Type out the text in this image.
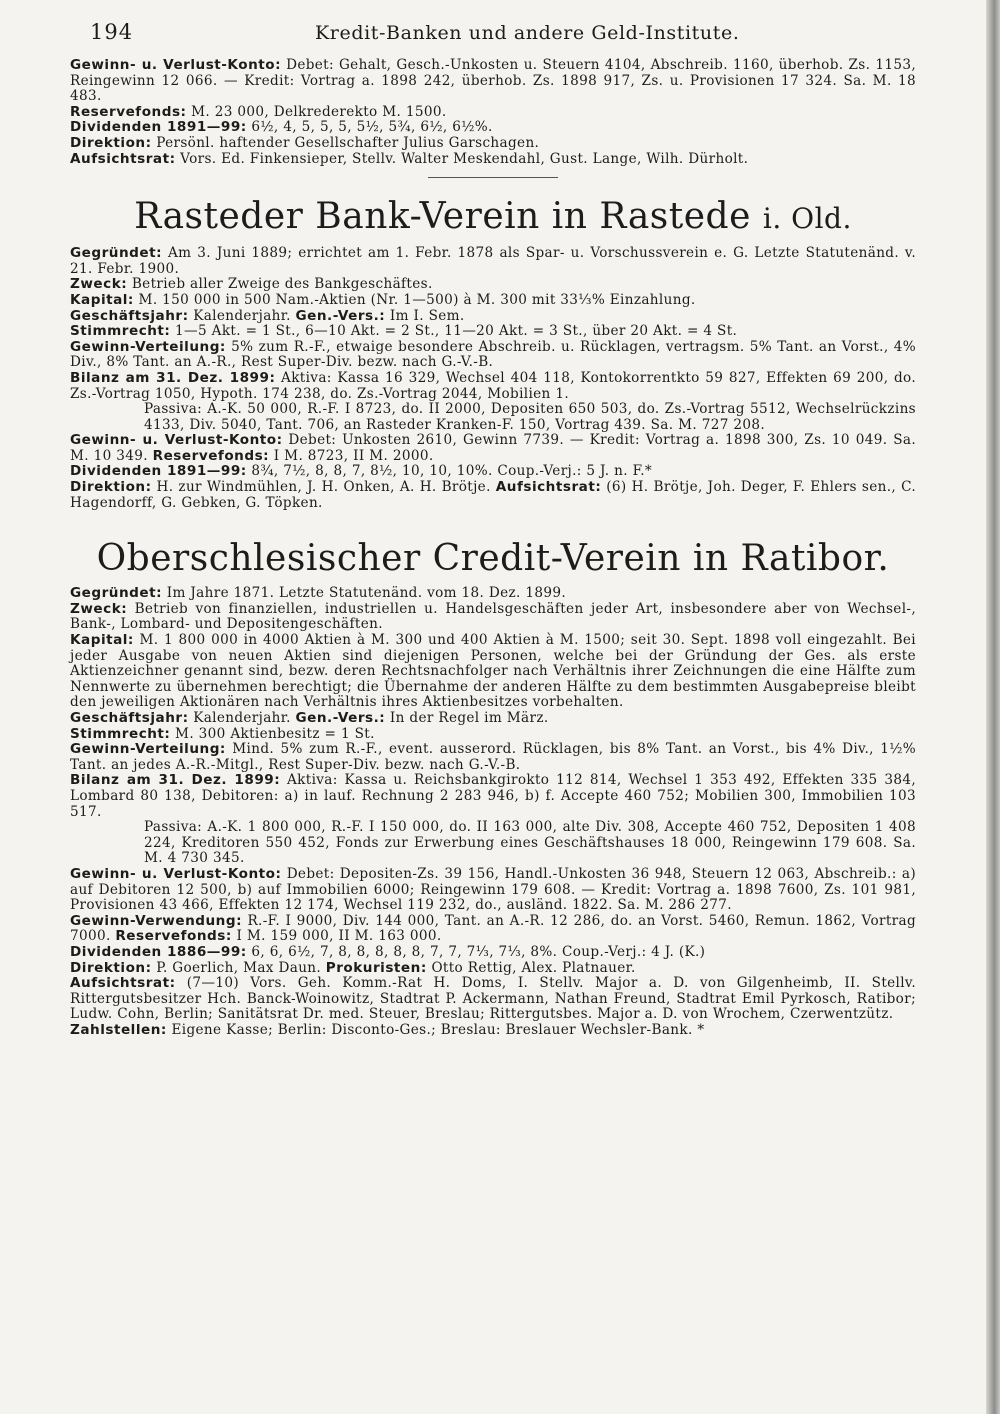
194	Kredit-Banken und andere Geld-Institute.

Gewinn- u. Verlust-Konto: Debet: Gehalt, Gesch.-Unkosten u. Steuern 4104, Abschreib. 1160, überhob. Zs. 1153, Reingewinn 12 066. — Kredit: Vortrag a. 1898 242, überhob. Zs. 1898 917, Zs. u. Provisionen 17 324. Sa. M. 18 483.

Reservefonds: M. 23 000, Delkrederekto M. 1500.

Dividenden 1891—99: 6½, 4, 5, 5, 5, 5½, 5¾, 6½, 6½%.

Direktion: Persönl. haftender Gesellschafter Julius Garschagen.

Aufsichtsrat: Vors. Ed. Finkensieper, Stellv. Walter Meskendahl, Gust. Lange, Wilh. Dürholt.

Rasteder Bank-Verein in Rastede i. Old.

Gegründet: Am 3. Juni 1889; errichtet am 1. Febr. 1878 als Spar- u. Vorschussverein e. G. Letzte Statutenänd. v. 21. Febr. 1900.

Zweck: Betrieb aller Zweige des Bankgeschäftes.

Kapital: M. 150 000 in 500 Nam.-Aktien (Nr. 1—500) à M. 300 mit 33⅓% Einzahlung.

Geschäftsjahr: Kalenderjahr. Gen.-Vers.: Im I. Sem.

Stimmrecht: 1—5 Akt. = 1 St., 6—10 Akt. = 2 St., 11—20 Akt. = 3 St., über 20 Akt. = 4 St.

Gewinn-Verteilung: 5% zum R.-F., etwaige besondere Abschreib. u. Rücklagen, vertragsm. 5% Tant. an Vorst., 4% Div., 8% Tant. an A.-R., Rest Super-Div. bezw. nach G.-V.-B.

Bilanz am 31. Dez. 1899: Aktiva: Kassa 16 329, Wechsel 404 118, Kontokorrentkto 59 827, Effekten 69 200, do. Zs.-Vortrag 1050, Hypoth. 174 238, do. Zs.-Vortrag 2044, Mobilien 1.

Passiva: A.-K. 50 000, R.-F. I 8723, do. II 2000, Depositen 650 503, do. Zs.-Vortrag 5512, Wechselrückzins 4133, Div. 5040, Tant. 706, an Rasteder Kranken-F. 150, Vortrag 439. Sa. M. 727 208.

Gewinn- u. Verlust-Konto: Debet: Unkosten 2610, Gewinn 7739. — Kredit: Vortrag a. 1898 300, Zs. 10 049. Sa. M. 10 349. Reservefonds: I M. 8723, II M. 2000.

Dividenden 1891—99: 8¾, 7½, 8, 8, 7, 8½, 10, 10, 10%. Coup.-Verj.: 5 J. n. F.*

Direktion: H. zur Windmühlen, J. H. Onken, A. H. Brötje. Aufsichtsrat: (6) H. Brötje, Joh. Deger, F. Ehlers sen., C. Hagendorff, G. Gebken, G. Töpken.

Oberschlesischer Credit-Verein in Ratibor.

Gegründet: Im Jahre 1871. Letzte Statutenänd. vom 18. Dez. 1899.

Zweck: Betrieb von finanziellen, industriellen u. Handelsgeschäften jeder Art, insbesondere aber von Wechsel-, Bank-, Lombard- und Depositengeschäften.

Kapital: M. 1 800 000 in 4000 Aktien à M. 300 und 400 Aktien à M. 1500; seit 30. Sept. 1898 voll eingezahlt. Bei jeder Ausgabe von neuen Aktien sind diejenigen Personen, welche bei der Gründung der Ges. als erste Aktienzeichner genannt sind, bezw. deren Rechtsnachfolger nach Verhältnis ihrer Zeichnungen die eine Hälfte zum Nennwerte zu übernehmen berechtigt; die Übernahme der anderen Hälfte zu dem bestimmten Ausgabepreise bleibt den jeweiligen Aktionären nach Verhältnis ihres Aktienbesitzes vorbehalten.

Geschäftsjahr: Kalenderjahr. Gen.-Vers.: In der Regel im März.

Stimmrecht: M. 300 Aktienbesitz = 1 St.

Gewinn-Verteilung: Mind. 5% zum R.-F., event. ausserord. Rücklagen, bis 8% Tant. an Vorst., bis 4% Div., 1½% Tant. an jedes A.-R.-Mitgl., Rest Super-Div. bezw. nach G.-V.-B.

Bilanz am 31. Dez. 1899: Aktiva: Kassa u. Reichsbankgirokto 112 814, Wechsel 1 353 492, Effekten 335 384, Lombard 80 138, Debitoren: a) in lauf. Rechnung 2 283 946, b) f. Accepte 460 752; Mobilien 300, Immobilien 103 517.

Passiva: A.-K. 1 800 000, R.-F. I 150 000, do. II 163 000, alte Div. 308, Accepte 460 752, Depositen 1 408 224, Kreditoren 550 452, Fonds zur Erwerbung eines Geschäftshauses 18 000, Reingewinn 179 608. Sa. M. 4 730 345.

Gewinn- u. Verlust-Konto: Debet: Depositen-Zs. 39 156, Handl.-Unkosten 36 948, Steuern 12 063, Abschreib.: a) auf Debitoren 12 500, b) auf Immobilien 6000; Reingewinn 179 608. — Kredit: Vortrag a. 1898 7600, Zs. 101 981, Provisionen 43 466, Effekten 12 174, Wechsel 119 232, do., ausländ. 1822. Sa. M. 286 277.

Gewinn-Verwendung: R.-F. I 9000, Div. 144 000, Tant. an A.-R. 12 286, do. an Vorst. 5460, Remun. 1862, Vortrag 7000. Reservefonds: I M. 159 000, II M. 163 000.

Dividenden 1886—99: 6, 6, 6½, 7, 8, 8, 8, 8, 8, 7, 7, 7⅓, 7⅓, 8%. Coup.-Verj.: 4 J. (K.)

Direktion: P. Goerlich, Max Daun. Prokuristen: Otto Rettig, Alex. Platnauer.

Aufsichtsrat: (7—10) Vors. Geh. Komm.-Rat H. Doms, I. Stellv. Major a. D. von Gilgenheimb, II. Stellv. Rittergutsbesitzer Hch. Banck-Woinowitz, Stadtrat P. Ackermann, Nathan Freund, Stadtrat Emil Pyrkosch, Ratibor; Ludw. Cohn, Berlin; Sanitätsrat Dr. med. Steuer, Breslau; Rittergutsbes. Major a. D. von Wrochem, Czerwentzütz.

Zahlstellen: Eigene Kasse; Berlin: Disconto-Ges.; Breslau: Breslauer Wechsler-Bank. *
